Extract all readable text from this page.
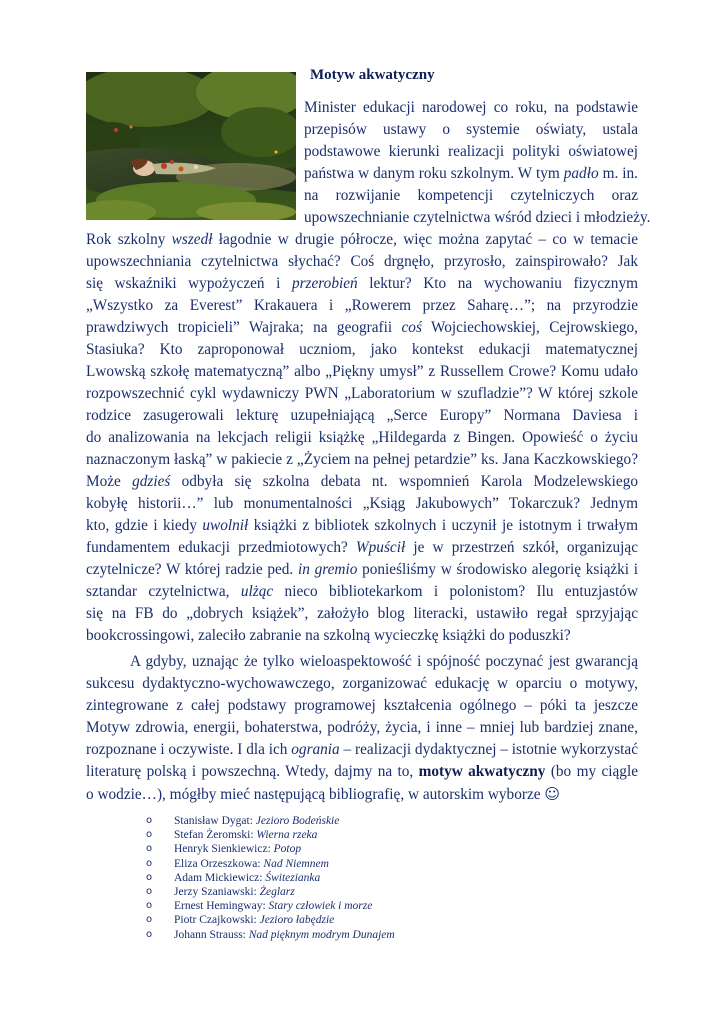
Motyw akwatyczny
Minister edukacji narodowej co roku, na podstawie
przepisów ustawy o systemie oświaty, ustala
podstawowe kierunki realizacji polityki oświatowej
państwa w danym roku szkolnym. W tym padło m. in.
na rozwijanie kompetencji czytelniczych oraz
upowszechnianie czytelnictwa wśród dzieci i młodzieży.
Rok szkolny wszedł łagodnie w drugie półrocze, więc można zapytać – co w temacie
upowszechniania czytelnictwa słychać? Coś drgnęło, przyrosło, zainspirowało? Jak
się wskaźniki wypożyczeń i przerobień lektur? Kto na wychowaniu fizycznym
„Wszystko za Everest” Krakauera i „Rowerem przez Saharę…”; na przyrodzie
prawdziwych tropicieli” Wajraka; na geografii coś Wojciechowskiej, Cejrowskiego,
Stasiuka? Kto zaproponował uczniom, jako kontekst edukacji matematycznej
Lwowską szkołę matematyczną” albo „Piękny umysł” z Russellem Crowe? Komu udało
rozpowszechnić cykl wydawniczy PWN „Laboratorium w szufladzie”? W której szkole
rodzice zasugerowali lekturę uzupełniającą „Serce Europy” Normana Daviesa i
do analizowania na lekcjach religii książkę „Hildegarda z Bingen. Opowieść o życiu
naznaczonym łaską” w pakiecie z „Życiem na pełnej petardzie” ks. Jana Kaczkowskiego?
Może gdzieś odbyła się szkolna debata nt. wspomnień Karola Modzelewskiego
kobyłę historii…” lub monumentalności „Ksiąg Jakubowych” Tokarczuk? Jednym
kto, gdzie i kiedy uwolnił książki z bibliotek szkolnych i uczynił je istotnym i trwałym
fundamentem edukacji przedmiotowych? Wpuścił je w przestrzeń szkół, organizując
czytelnicze? W której radzie ped. in gremio ponieśliśmy w środowisko alegorię książki i
sztandar czytelnictwa, ulżąc nieco bibliotekarkom i polonistom? Ilu entuzjastów
się na FB do „dobrych książek”, założyło blog literacki, ustawiło regał sprzyjając
bookcrossingowi, zaleciło zabranie na szkolną wycieczkę książki do poduszki?
A gdyby, uznając że tylko wieloaspektowość i spójność poczynać jest gwarancją
sukcesu dydaktyczno-wychowawczego, zorganizować edukację w oparciu o motywy,
zintegrowane z całej podstawy programowej kształcenia ogólnego – póki ta jeszcze
Motyw zdrowia, energii, bohaterstwa, podróży, życia, i inne – mniej lub bardziej znane,
rozpoznane i oczywiste. I dla ich ogrania – realizacji dydaktycznej – istotnie wykorzystać
literaturę polską i powszechną. Wtedy, dajmy na to, motyw akwatyczny (bo my ciągle
o wodzie…), mógłby mieć następującą bibliografię, w autorskim wyborze ☺
o Stanisław Dygat: Jezioro Bodeńskie
o Stefan Żeromski: Wierna rzeka
o Henryk Sienkiewicz: Potop
o Eliza Orzeszkowa: Nad Niemnem
o Adam Mickiewicz: Świtezianka
o Jerzy Szaniawski: Żeglarz
o Ernest Hemingway: Stary człowiek i morze
o Piotr Czajkowski: Jezioro łabędzie
o Johann Strauss: Nad pięknym modrym Dunajem
